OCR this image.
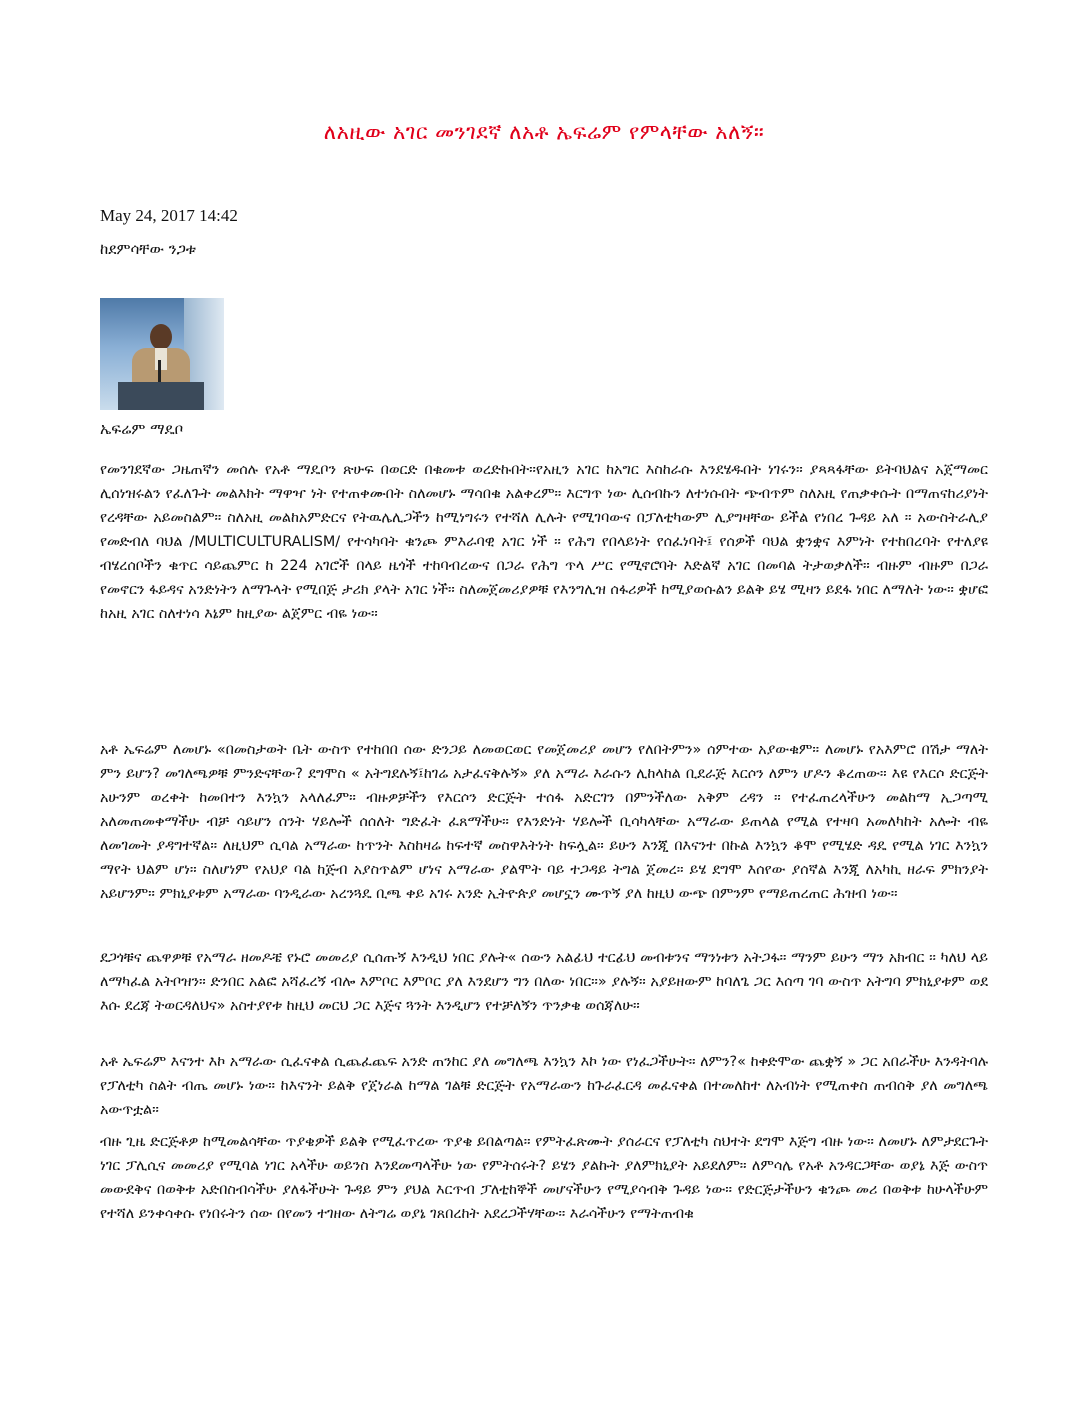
ለአዚው አገር መንገደኛ ለአቶ ኤፍሬም የምላቸው አለኝ።
May 24, 2017 14:42
ከደምሳቸው ንጋቱ
ኤፍሬም ማዴቦ
የመንገደኛው ጋዜጠኛን መሰሉ የአቶ ማዴቦን ጽሁፍ በወርድ በቁመቱ ወረድኩበት።የአዚን አገር ከአግር እስከራሱ እንደሄዱበት ነገሩን። ያጻጻፋቸው ይትባህልና አጀማመር ሊሰነዝሩልን የፈለጉት መልእክት ማዋዣ ነት የተጠቀሙበት ስለመሆኑ ማሳበቁ አልቀረም። እርግጥ ነው ሊሰብኩን ለተነሱበት ጭብጥም ስለአዚ የጠቃቀሱት በማጠናከሪያነት የረዳቸው አይመስልም። ስለአዚ መልከአምድርና የትዉሌሊጋችን ከሚነግሩን የተሻለ ሊሉት የሚገባውና በፓለቲካውም ሊያግዛቸው ይችል የነበረ ጉዳይ አለ ። አውስትራሊያ የመድብለ ባህል /MULTICULTURALISM/ የተሳካባት ቁንጮ ምእራባዊ አገር ነች ። የሕግ የበላይነት የሰፈነባት፤ የሰዎች ባህል ቋንቋና እምነት የተከበረባት የተለያዩ ብሄረሰቦችን ቁጥር ሳይጨምር ከ 224 አገሮች በላይ ዜጎች ተከባብረውና በጋራ የሕግ ጥላ ሥር የሚኖሮባት እድልኛ አገር በመባል ትታወቃለች። ብዙም ብዙም በጋራ የመኖርን ፋይዳና አንድነትን ለማጉላት የሚበጅ ታሪክ ያላት አገር ነች። ስለመጀመሪያዎቹ የእንግሊዝ ሰፋሪዎች ከሚያወሱልን ይልቅ ይሄ ሚዛን ይደፋ ነበር ለማለት ነው። ቋሆፎ ከአዚ አገር ስለተነሳ እኔም ከዚያው ልጀምር ብዬ ነው።
አቶ ኤፍሬም ለመሆኑ «በመስታወት ቤት ውስጥ የተከበበ ሰው ድንጋይ ለመወርወር የመጀመሪያ መሆን የለበትምን» ሰምተው አያውቁም። ለመሆኑ የአእምሮ በሽታ ማለት ምን ይሆን? መገለጫዎቹ ምንድናቸው? ደግሞስ « አትግደሉኝ፤ከገሬ አታፈናቅሉኝ» ያለ አማራ እራሱን ሊከላከል ቢደራጅ እርሶን ለምን ሆዶን ቆረጠው። እዩ የእርሶ ድርጅት አሁንም ወረቀት ከመበተን እንኳን አላለፈም። ብዙዎቻችን የእርሶን ድርጅት ተሰፋ አድርገን በምንችለው አቅም ረዳን ። የተፈጠረላችሁን መልከማ ኢጋጣሚ አለመጠመቀማችሁ ብቻ ሳይሆን ሰንት ሃይሎች ሰሰለት ግድፈት ፈጸማችሁ። የእንድነት ሃይሎች ቢሳካላቸው አማራው ይጠላል የሚል የተዛባ አመለካከት አሎት ብዬ ለመገመት ያዳግተኛል። ለዚህም ሲባል አማራው ከጥንት እስከዛሬ ከፍተኛ መስዋእትነት ከፍሏል። ይሁን እንጂ በእናንተ በኩል እንኳን ቆሞ የሚሄድ ዳዴ የሚል ነገር እንኳን ማየት ህልም ሆነ። ስለሆነም የአህያ ባል ከጅብ አያስጥልም ሆነና አማራው ያልሞት ባይ ተጋዳይ ትግል ጀመረ። ይሄ ደግሞ እሰየው ያሰኛል እንጂ ለአካኪ ዘራፍ ምክንያት አይሆንም። ምክኒያቱም አማራው ባንዲራው አረንጓዴ ቢጫ ቀይ አገሩ አንድ ኢትዮጵያ መሆኗን ሙጥኝ ያለ ከዚህ ውጭ በምንም የማይጠረጠር ሕዝብ ነው።
ደጋጎቹና ጨዋዎቹ የአማራ ዘመዶቼ የኑሮ መመሪያ ሲሰጡኝ እንዲህ ነበር ያሉት« ሰውን አልፊህ ተርፊህ መብቱንና ማንነቱን አትጋፋ። ማንም ይሁን ማን አክብር ፡፡ ካለህ ላይ ለማካፈል አትቦዝን። ድንበር አልፎ አሻፈረኝ ብሎ እምቦር እምቦር ያለ እንደሆን ግን በለው ነበር።» ያሉኝ። አያይዘውም ከባለጌ ጋር እሰጣ ገባ ውስጥ አትግባ ምክኒያቱም ወደ እሱ ደረጃ ትወርዳለህና» አስተያየቱ ከዚህ መርህ ጋር እጅና ጓንት እንዲሆን የተቻለኝን ጥንቃቄ ወሰጃለሁ።
አቶ ኤፍሬም እናንተ እኮ አማራው ሲፈናቀል ሲጨፈጨፍ አንድ ጠንከር ያለ መግለጫ እንኳን እኮ ነው የነፈጋችሁት። ለምን?« ከቀድሞው ጨቋኝ » ጋር አበራችሁ እንዳትባሉ የፓለቲካ ስልት ብጤ መሆኑ ነው። ከእናንት ይልቅ የጀነራል ከማል ገልቹ ድርጅት የአማራውን ከጉራፈርዳ መፈናቀል በተመለከተ ለአብነት የሚጠቀስ ጠብሰቅ ያለ መግለጫ አውጥቷል።
ብዙ ጊዜ ድርጅቶዎ ከሚመልሳቸው ጥያቄዎች ይልቅ የሚፈጥረው ጥያቄ ይበልጣል። የምትፈጽሙት ያሰራርና የፓለቲካ ስህተት ደግሞ እጅግ ብዙ ነው። ለመሆኑ ለምታደርጉት ነገር ፓሊሲና መመሪያ የሚባል ነገር አላችሁ ወይንስ እንደመጣላችሁ ነው የምትሰሩት? ይሄን ያልኩት ያለምክኒያት አይደለም። ለምሳሌ የአቶ አንዳርጋቸው ወያኔ እጅ ውስጥ መውደቅና በወቅቱ አድበስብሳችሁ ያለፋችሁት ጉዳይ ምን ያህል እርጥብ ፓለቲከኞች መሆናችሁን የሚያሳብቅ ጉዳይ ነው። የድርጅታችሁን ቁንጮ መሪ በወቅቱ ከሁላችሁም የተሻለ ይንቀሳቀሱ የነበሩትን ሰው በየመን ተገዘው ለትግሬ ወያኔ ገጸበረከት አደረጋችሃቸው። እራሳችሁን የማትጠብቁ
